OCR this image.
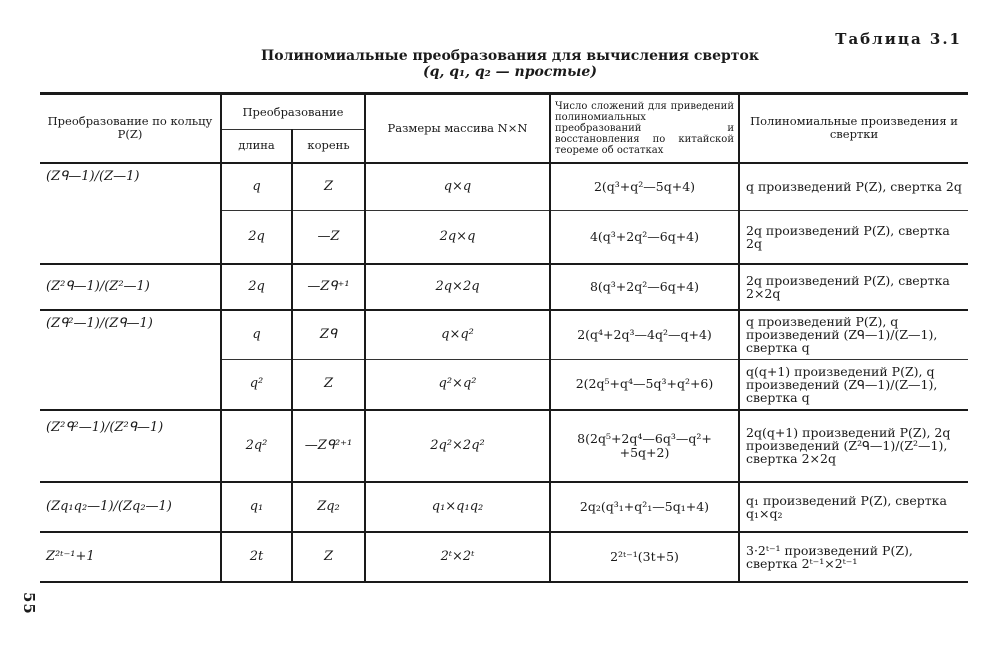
Таблица 3.1
Полиномиальные преобразования для вычисления сверток
(q, q₁, q₂ — простые)
Преобразование по кольцу P(Z)	Преобразование		Размеры массива N×N	Число сложений для приведений полиномиальных преобразований и восстановления по китайской теореме об остатках	Полиномиальные произведения и свертки
	длина	корень			
(Zᑫ—1)/(Z—1)	q	Z	q×q	2(q³+q²—5q+4)	q произведений P(Z), свертка 2q
	2q	—Z	2q×q	4(q³+2q²—6q+4)	2q произведений P(Z), свертка 2q
(Z²ᑫ—1)/(Z²—1)	2q	—Zᑫ⁺¹	2q×2q	8(q³+2q²—6q+4)	2q произведений P(Z), свертка 2×2q
(Zᑫ²—1)/(Zᑫ—1)	q	Zᑫ	q×q²	2(q⁴+2q³—4q²—q+4)	q произведений P(Z), q произведений (Zᑫ—1)/(Z—1), свертка q
	q²	Z	q²×q²	2(2q⁵+q⁴—5q³+q²+6)	q(q+1) произведений P(Z), q произведений (Zᑫ—1)/(Z—1), свертка q
(Z²ᑫ²—1)/(Z²ᑫ—1)	2q²	—Zᑫ²⁺¹	2q²×2q²	8(2q⁵+2q⁴—6q³—q²+ +5q+2)	2q(q+1) произведений P(Z), 2q произведений (Z²ᑫ—1)/(Z²—1), свертка 2×2q
(Zq₁q₂—1)/(Zq₂—1)	q₁	Zq₂	q₁×q₁q₂	2q₂(q³₁+q²₁—5q₁+4)	q₁ произведений P(Z), свертка q₁×q₂
Z²ᵗ⁻¹+1	2t	Z	2ᵗ×2ᵗ	2²ᵗ⁻¹(3t+5)	3·2ᵗ⁻¹ произведений P(Z), свертка 2ᵗ⁻¹×2ᵗ⁻¹
55
